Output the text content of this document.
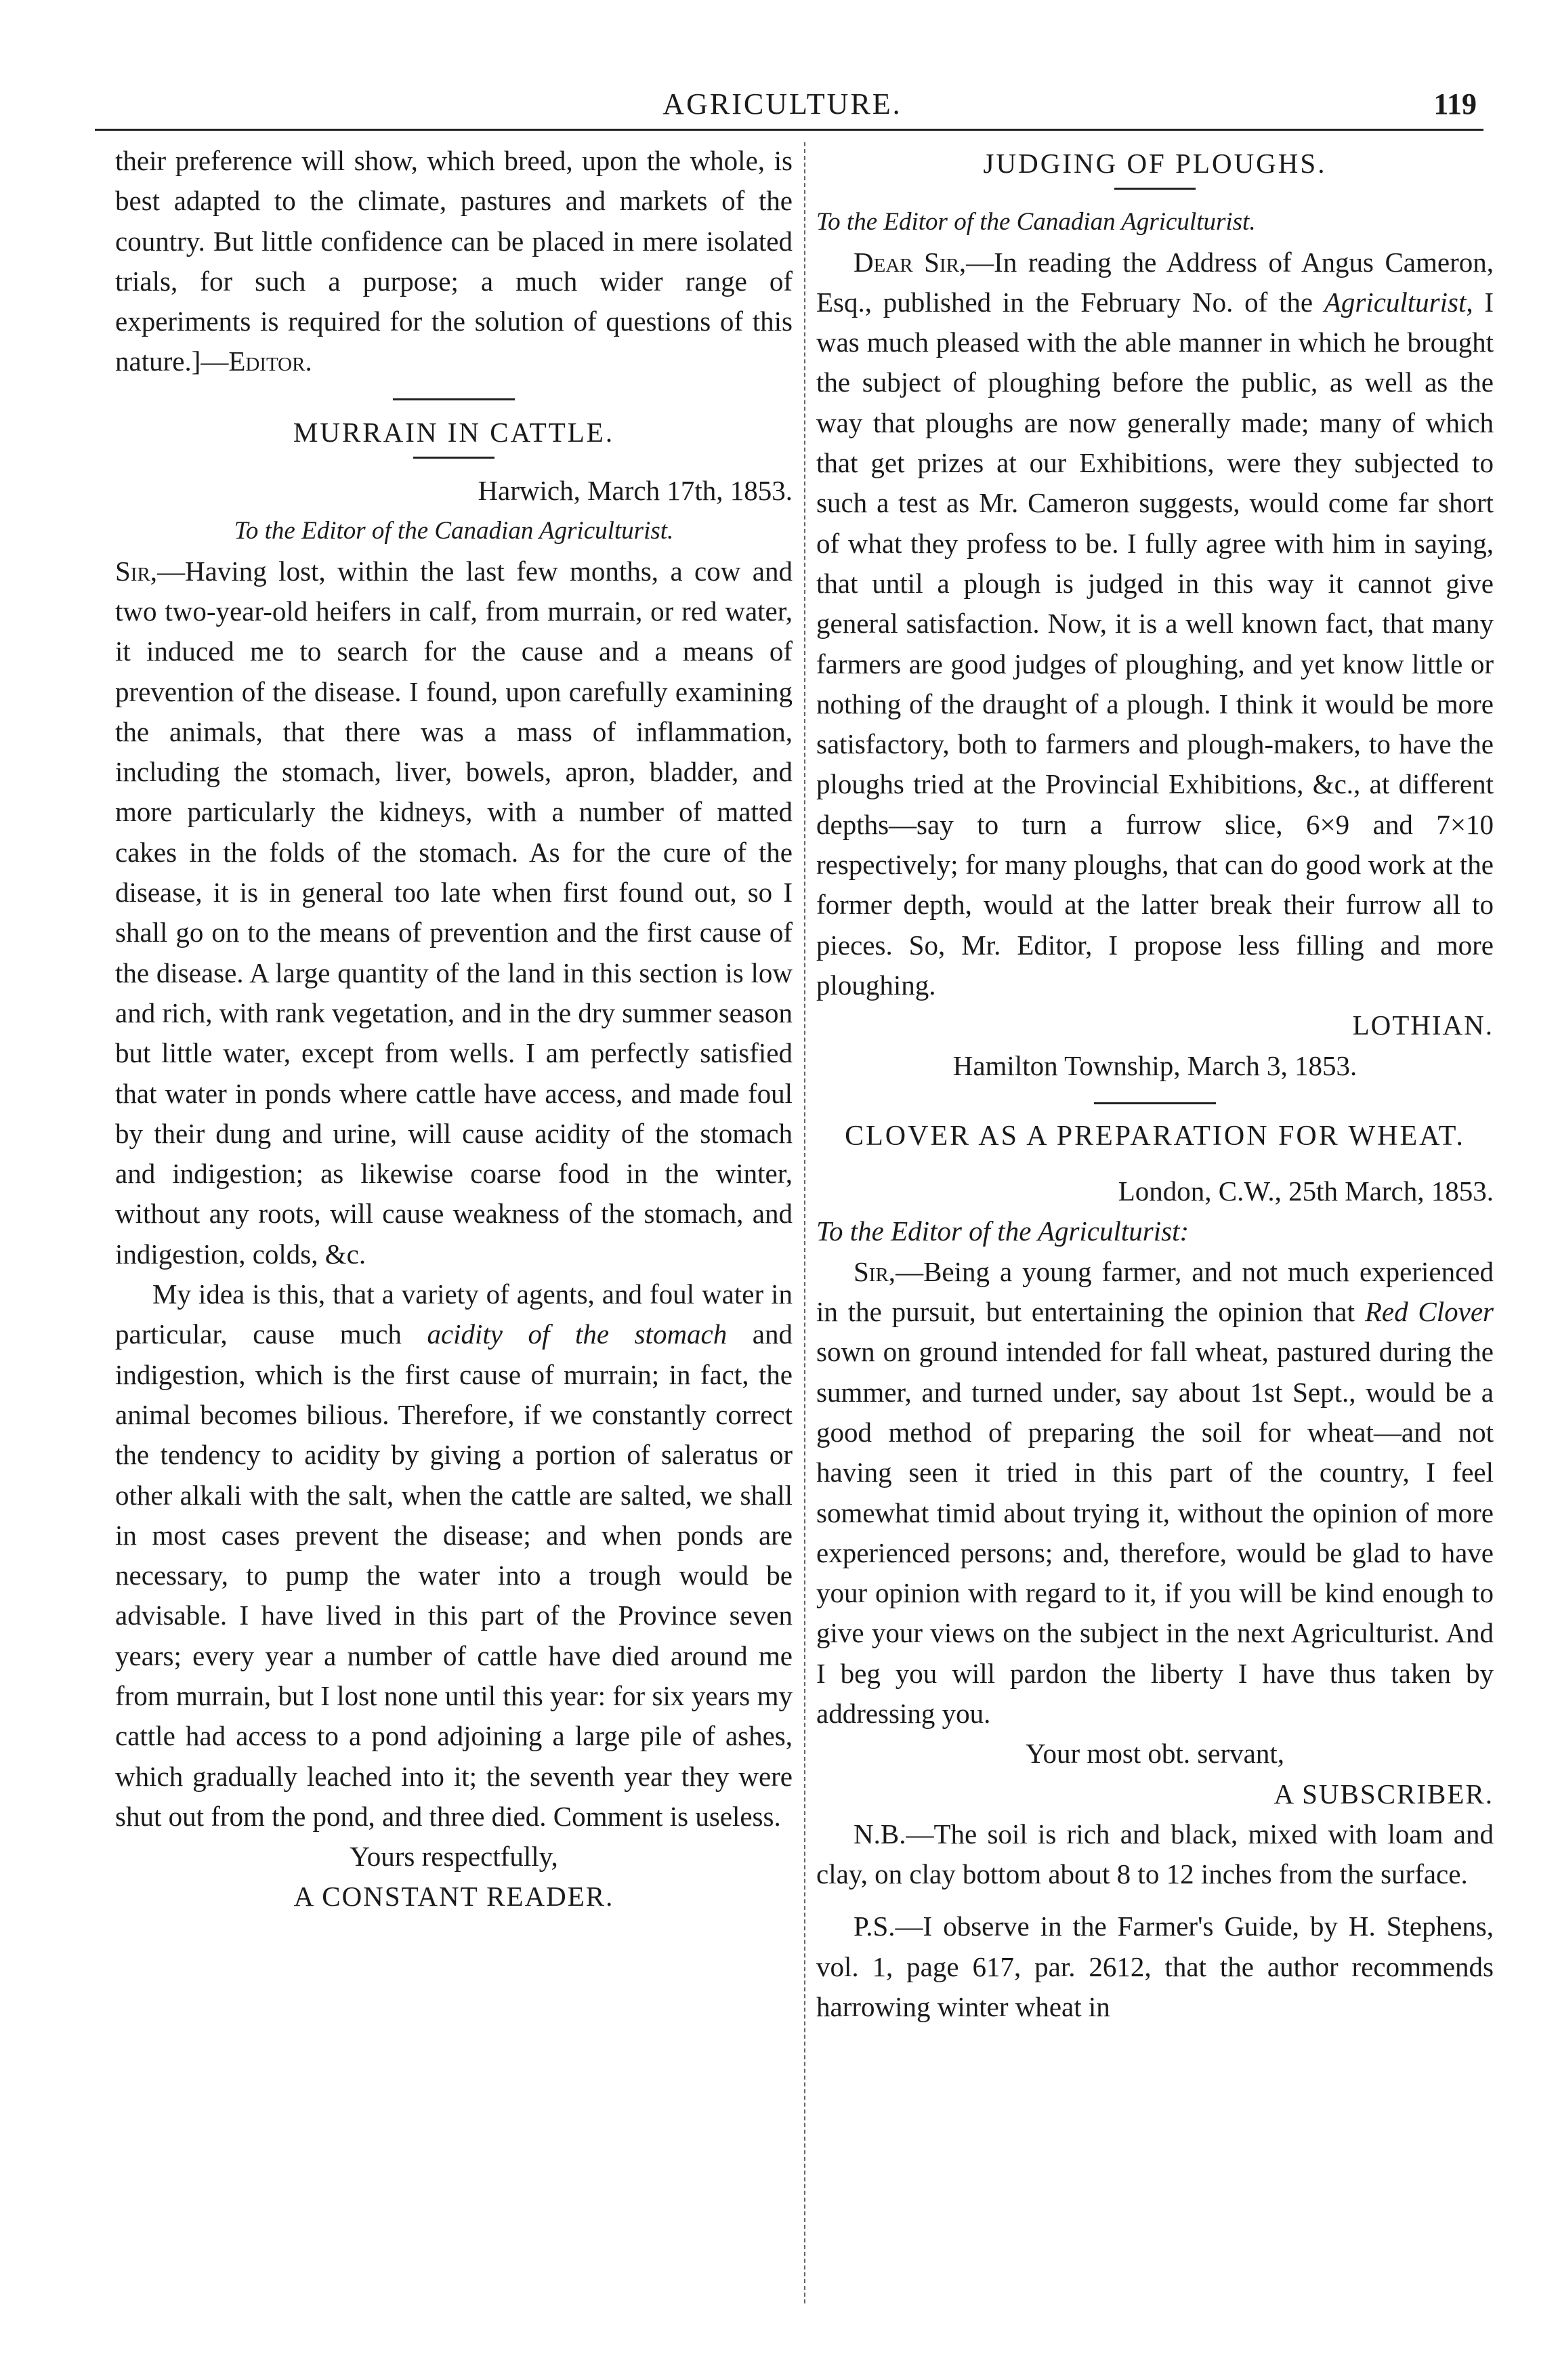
AGRICULTURE.	119

their preference will show, which breed, upon the whole, is best adapted to the climate, pastures and markets of the country. But little confidence can be placed in mere isolated trials, for such a purpose; a much wider range of experiments is required for the solution of questions of this nature.]—Editor.

MURRAIN IN CATTLE.

Harwich, March 17th, 1853.

To the Editor of the Canadian Agriculturist.

Sir,—Having lost, within the last few months, a cow and two two-year-old heifers in calf, from murrain, or red water, it induced me to search for the cause and a means of prevention of the disease. I found, upon carefully examining the animals, that there was a mass of inflammation, including the stomach, liver, bowels, apron, bladder, and more particularly the kidneys, with a number of matted cakes in the folds of the stomach. As for the cure of the disease, it is in general too late when first found out, so I shall go on to the means of prevention and the first cause of the disease. A large quantity of the land in this section is low and rich, with rank vegetation, and in the dry summer season but little water, except from wells. I am perfectly satisfied that water in ponds where cattle have access, and made foul by their dung and urine, will cause acidity of the stomach and indigestion; as likewise coarse food in the winter, without any roots, will cause weakness of the stomach, and indigestion, colds, &c.

My idea is this, that a variety of agents, and foul water in particular, cause much acidity of the stomach and indigestion, which is the first cause of murrain; in fact, the animal becomes bilious. Therefore, if we constantly correct the tendency to acidity by giving a portion of saleratus or other alkali with the salt, when the cattle are salted, we shall in most cases prevent the disease; and when ponds are necessary, to pump the water into a trough would be advisable. I have lived in this part of the Province seven years; every year a number of cattle have died around me from murrain, but I lost none until this year: for six years my cattle had access to a pond adjoining a large pile of ashes, which gradually leached into it; the seventh year they were shut out from the pond, and three died. Comment is useless.

Yours respectfully,

A CONSTANT READER.

JUDGING OF PLOUGHS.

To the Editor of the Canadian Agriculturist.

Dear Sir,—In reading the Address of Angus Cameron, Esq., published in the February No. of the Agriculturist, I was much pleased with the able manner in which he brought the subject of ploughing before the public, as well as the way that ploughs are now generally made; many of which that get prizes at our Exhibitions, were they subjected to such a test as Mr. Cameron suggests, would come far short of what they profess to be. I fully agree with him in saying, that until a plough is judged in this way it cannot give general satisfaction. Now, it is a well known fact, that many farmers are good judges of ploughing, and yet know little or nothing of the draught of a plough. I think it would be more satisfactory, both to farmers and plough-makers, to have the ploughs tried at the Provincial Exhibitions, &c., at different depths—say to turn a furrow slice, 6×9 and 7×10 respectively; for many ploughs, that can do good work at the former depth, would at the latter break their furrow all to pieces. So, Mr. Editor, I propose less filling and more ploughing.

LOTHIAN.

Hamilton Township, March 3, 1853.

CLOVER AS A PREPARATION FOR WHEAT.

London, C.W., 25th March, 1853.

To the Editor of the Agriculturist:

Sir,—Being a young farmer, and not much experienced in the pursuit, but entertaining the opinion that Red Clover sown on ground intended for fall wheat, pastured during the summer, and turned under, say about 1st Sept., would be a good method of preparing the soil for wheat—and not having seen it tried in this part of the country, I feel somewhat timid about trying it, without the opinion of more experienced persons; and, therefore, would be glad to have your opinion with regard to it, if you will be kind enough to give your views on the subject in the next Agriculturist. And I beg you will pardon the liberty I have thus taken by addressing you.

Your most obt. servant,

A SUBSCRIBER.

N.B.—The soil is rich and black, mixed with loam and clay, on clay bottom about 8 to 12 inches from the surface.

P.S.—I observe in the Farmer's Guide, by H. Stephens, vol. 1, page 617, par. 2612, that the author recommends harrowing winter wheat in
